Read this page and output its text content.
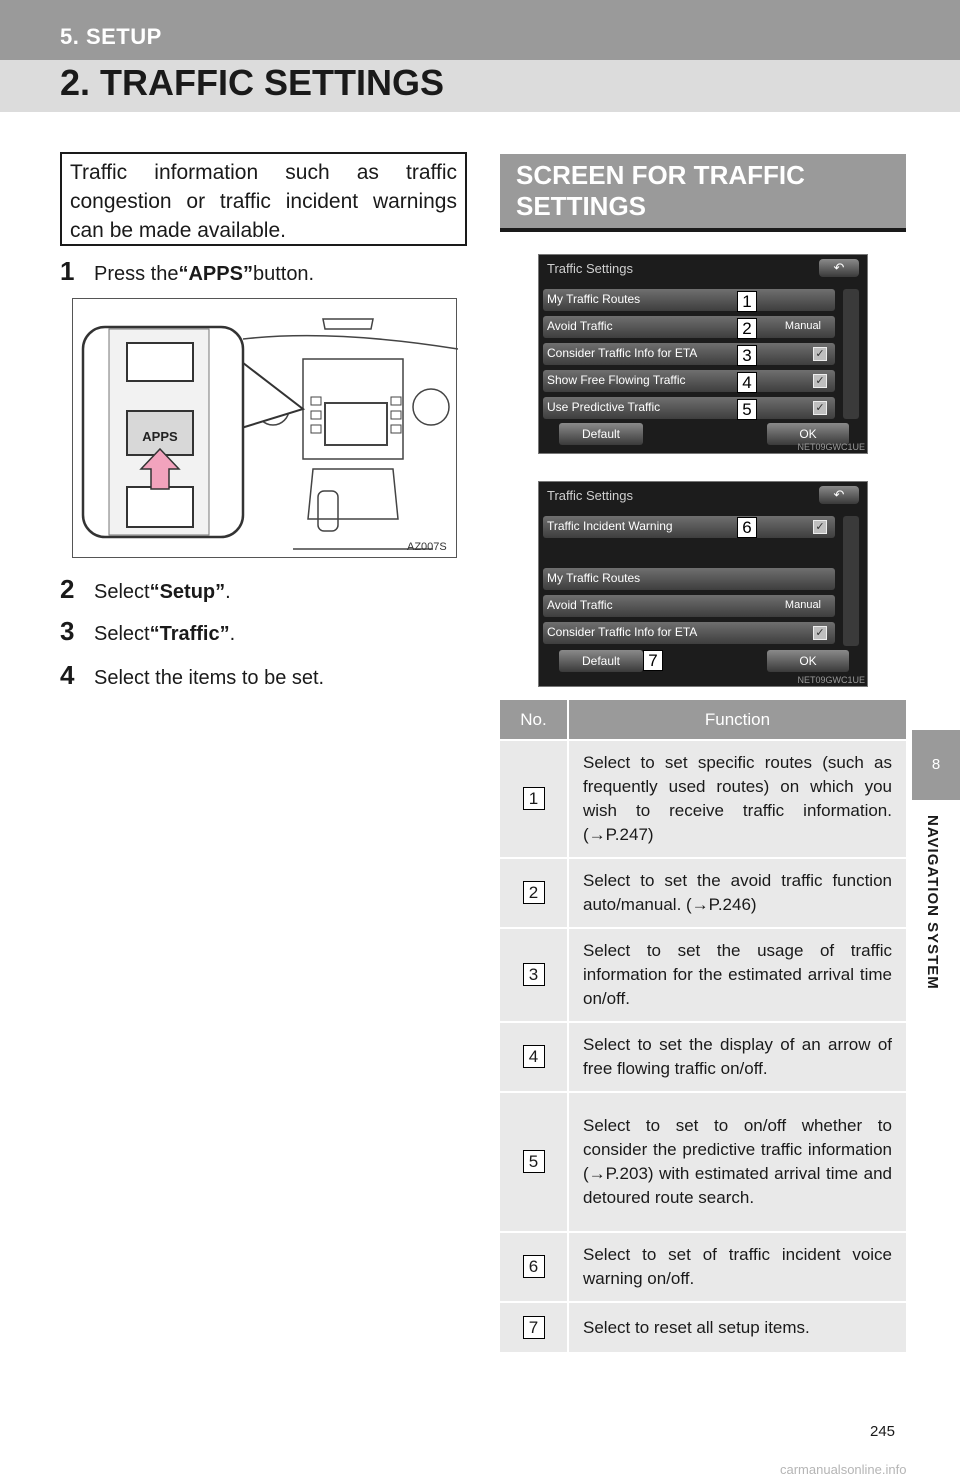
5. SETUP
2. TRAFFIC SETTINGS
Traffic information such as traffic congestion or traffic incident warnings can be made available.
1 Press the “APPS” button.
APPS
AZ007S
2 Select “Setup” .
3 Select “Traffic” .
4 Select the items to be set.
SCREEN FOR TRAFFIC SETTINGS
Traffic Settings	↶
My Traffic Routes	1
Avoid Traffic	Manual
2
Consider Traffic Info for ETA	✓
3
Show Free Flowing Traffic	✓
4
Use Predictive Traffic	✓
5
Default	OK
NET09GWC1UE
Traffic Settings	↶
Traffic Incident Warning	✓
6
My Traffic Routes
Avoid Traffic	Manual
Consider Traffic Info for ETA	✓
Default	7	OK
NET09GWC1UE
No.	Function
1	Select to set specific routes (such as frequently used routes) on which you wish to receive traffic information. (→P.247)
2	Select to set the avoid traffic function auto/manual. (→P.246)
3	Select to set the usage of traffic information for the estimated arrival time on/off.
4	Select to set the display of an arrow of free flowing traffic on/off.
5	Select to set to on/off whether to consider the predictive traffic information (→P.203) with estimated arrival time and detoured route search.
6	Select to set of traffic incident voice warning on/off.
7	Select to reset all setup items.
8
NAVIGATION SYSTEM
245
carmanualsonline.info
